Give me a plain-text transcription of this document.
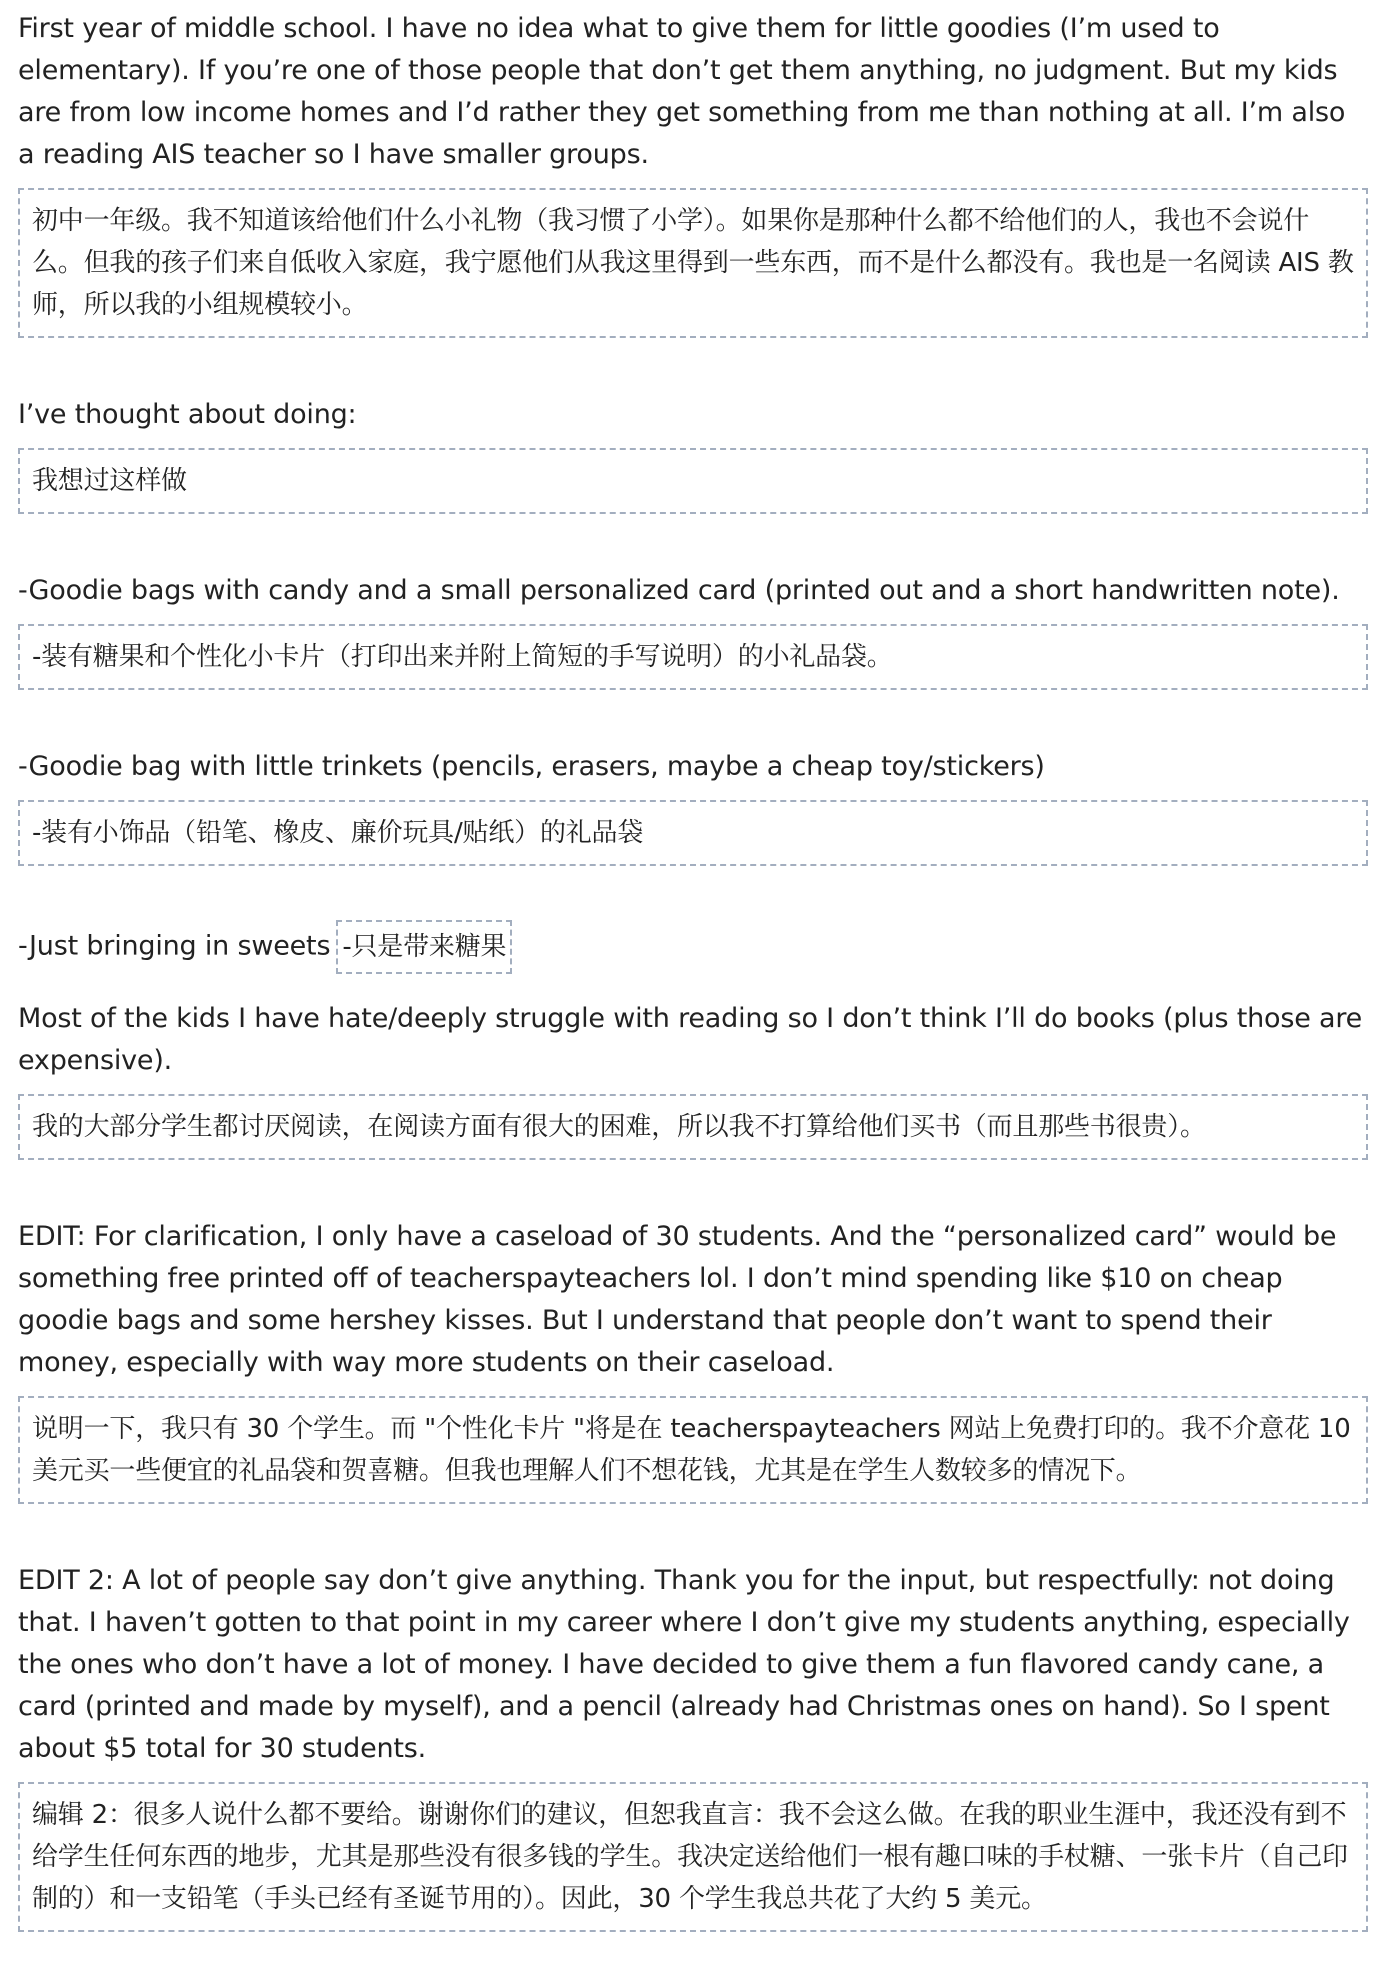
First year of middle school. I have no idea what to give them for little goodies (I’m used to elementary). If you’re one of those people that don’t get them anything, no judgment. But my kids are from low income homes and I’d rather they get something from me than nothing at all. I’m also a reading AIS teacher so I have smaller groups.

初中一年级。我不知道该给他们什么小礼物（我习惯了小学）。如果你是那种什么都不给他们的人，我也不会说什么。但我的孩子们来自低收入家庭，我宁愿他们从我这里得到一些东西，而不是什么都没有。我也是一名阅读 AIS 教师，所以我的小组规模较小。

I’ve thought about doing:

我想过这样做

-Goodie bags with candy and a small personalized card (printed out and a short handwritten note).

-装有糖果和个性化小卡片（打印出来并附上简短的手写说明）的小礼品袋。

-Goodie bag with little trinkets (pencils, erasers, maybe a cheap toy/stickers)

-装有小饰品（铅笔、橡皮、廉价玩具/贴纸）的礼品袋

-Just bringing in sweets -只是带来糖果

Most of the kids I have hate/deeply struggle with reading so I don’t think I’ll do books (plus those are expensive).

我的大部分学生都讨厌阅读，在阅读方面有很大的困难，所以我不打算给他们买书（而且那些书很贵）。

EDIT: For clarification, I only have a caseload of 30 students. And the “personalized card” would be something free printed off of teacherspayteachers lol. I don’t mind spending like $10 on cheap goodie bags and some hershey kisses. But I understand that people don’t want to spend their money, especially with way more students on their caseload.

说明一下，我只有 30 个学生。而 "个性化卡片 "将是在 teacherspayteachers 网站上免费打印的。我不介意花 10 美元买一些便宜的礼品袋和贺喜糖。但我也理解人们不想花钱，尤其是在学生人数较多的情况下。

EDIT 2: A lot of people say don’t give anything. Thank you for the input, but respectfully: not doing that. I haven’t gotten to that point in my career where I don’t give my students anything, especially the ones who don’t have a lot of money. I have decided to give them a fun flavored candy cane, a card (printed and made by myself), and a pencil (already had Christmas ones on hand). So I spent about $5 total for 30 students.

编辑 2：很多人说什么都不要给。谢谢你们的建议，但恕我直言：我不会这么做。在我的职业生涯中，我还没有到不给学生任何东西的地步，尤其是那些没有很多钱的学生。我决定送给他们一根有趣口味的手杖糖、一张卡片（自己印制的）和一支铅笔（手头已经有圣诞节用的）。因此，30 个学生我总共花了大约 5 美元。
